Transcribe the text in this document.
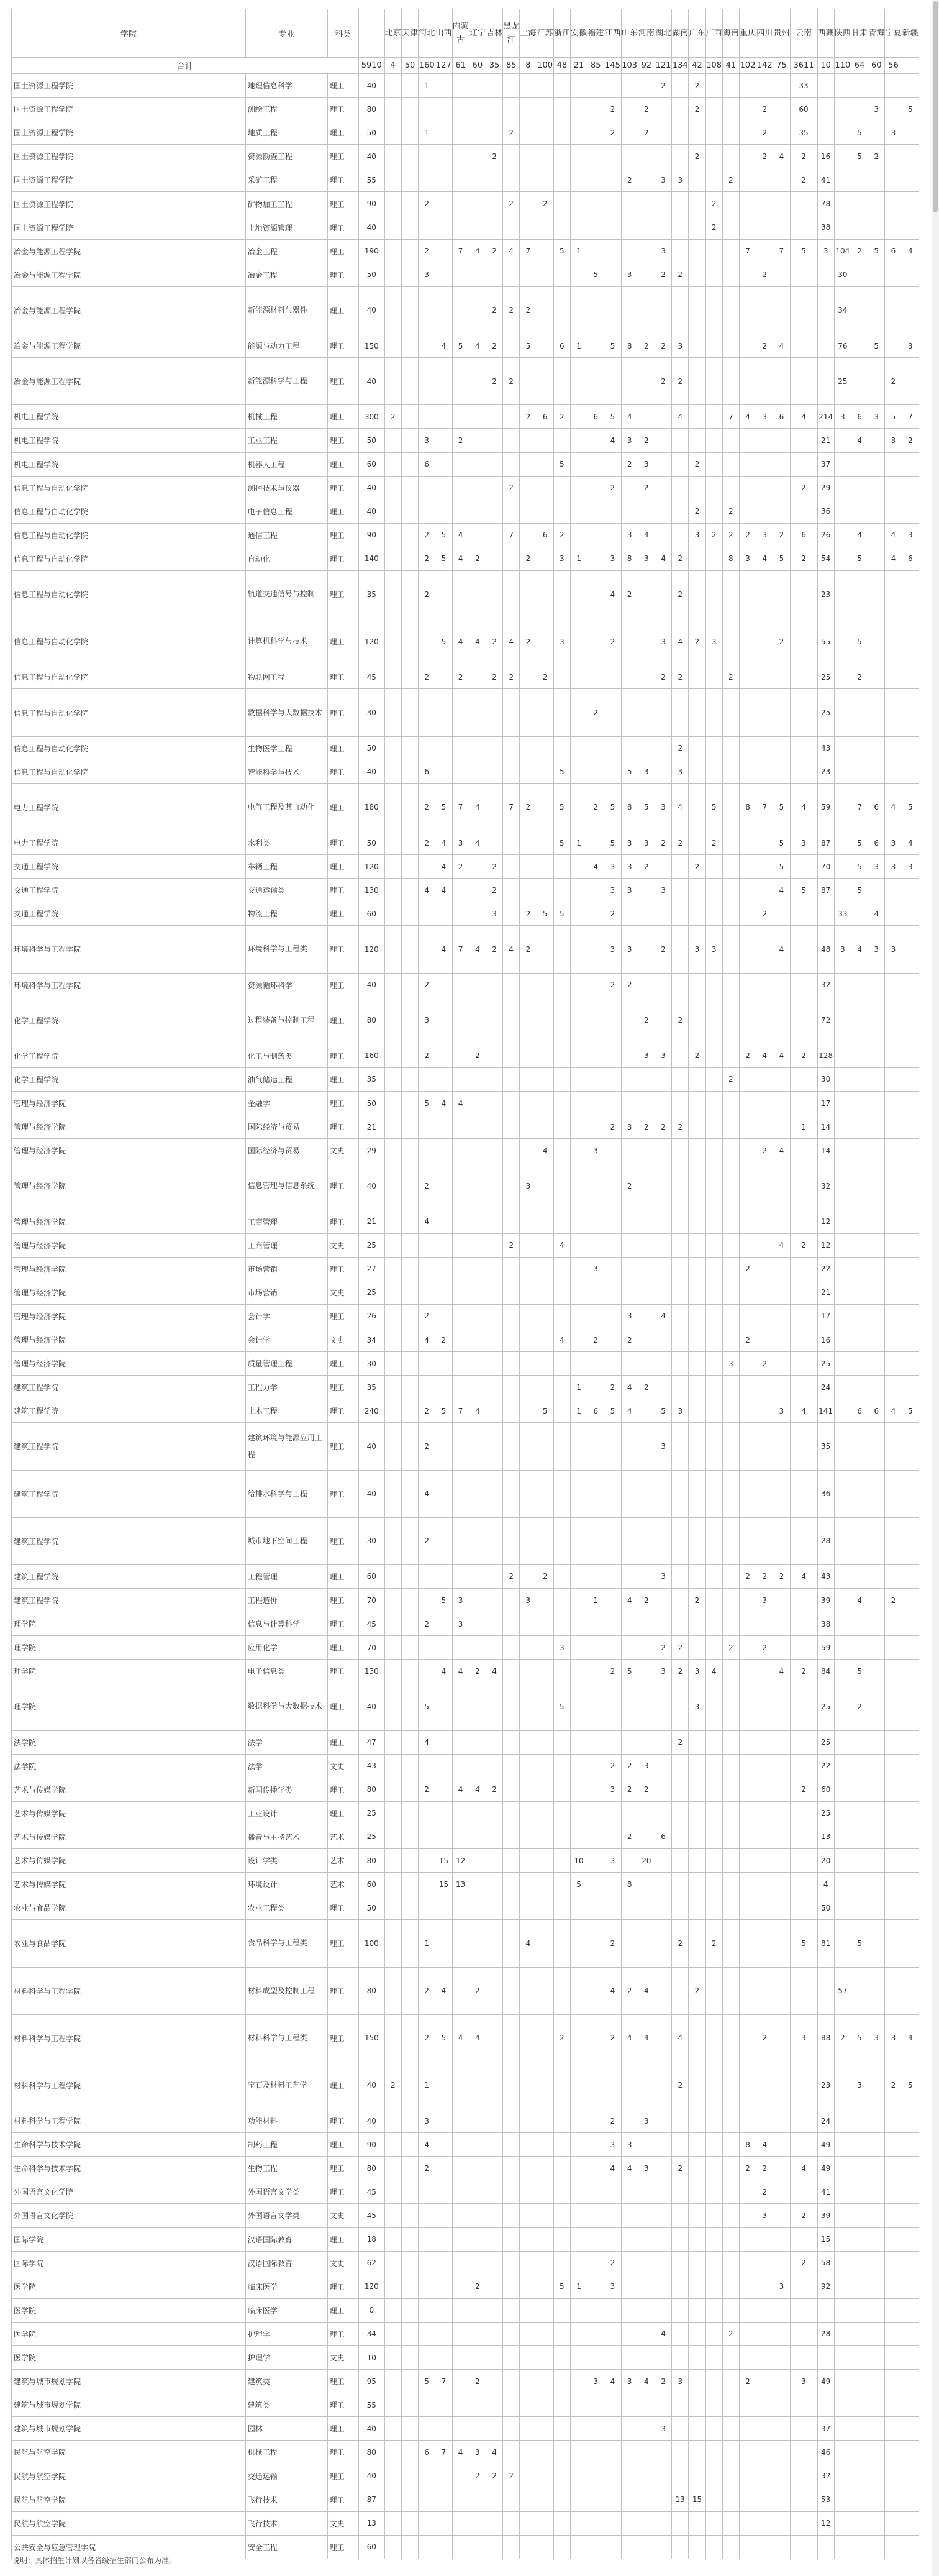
学院	专业	科类		北京	天津	河北	山西	内蒙古	辽宁	吉林	黑龙江	上海	江苏	浙江	安徽	福建	江西	山东	河南	湖北	湖南	广东	广西	海南	重庆	四川	贵州	云南	西藏	陕西	甘肃	青海	宁夏	新疆
合计			5910	4	50	160	127	61	60	35	85	8	100	48	21	85	145	103	92	121	134	42	108	41	102	142	75	3611	10	110	64	60	56	
国土资源工程学院	地理信息科学	理工	40			1														2		2						33						
国土资源工程学院	测绘工程	理工	80														2		2			2				2		60				3		5
国土资源工程学院	地质工程	理工	50			1					2						2		2							2		35			5		3	
国土资源工程学院	资源勘查工程	理工	40							2												2				2	4	2	16		5	2		
国土资源工程学院	采矿工程	理工	55															2		3	3			2				2	41					
国土资源工程学院	矿物加工工程	理工	90			2					2		2										2						78					
国土资源工程学院	土地资源管理	理工	40																				2						38					
冶金与能源工程学院	冶金工程	理工	190			2		7	4	2	4	7		5	1					3					7		7	5	3	104	2	5	6	4
冶金与能源工程学院	冶金工程	理工	50			3										5		3		2	2					2				30				
冶金与能源工程学院	新能源材料与器件	理工	40							2	2	2																		34				
冶金与能源工程学院	能源与动力工程	理工	150				4	5	4	2		5		6	1		5	8	2	2	3					2	4			76		5		3
冶金与能源工程学院	新能源科学与工程	理工	40							2	2									2	2									25			2	
机电工程学院	机械工程	理工	300	2								2	6	2		6	5	4			4			7	4	3	6	4	214	3	6	3	5	7
机电工程学院	工业工程	理工	50			3		2									4	3	2										21		4		3	2
机电工程学院	机器人工程	理工	60			6								5				2	3			2							37					
信息工程与自动化学院	测控技术与仪器	理工	40								2						2		2									2	29					
信息工程与自动化学院	电子信息工程	理工	40																			2		2					36					
信息工程与自动化学院	通信工程	理工	90			2	5	4			7		6	2				3	4			3	2	2	2	3	2	6	26		4		4	3
信息工程与自动化学院	自动化	理工	140			2	5	4	2			2		3	1		3	8	3	4	2			8	3	4	5	2	54		5		4	6
信息工程与自动化学院	轨道交通信号与控制	理工	35			2											4	2			2								23					
信息工程与自动化学院	计算机科学与技术	理工	120				5	4	4	2	4	2		3			2			3	4	2	3				2		55		5			
信息工程与自动化学院	物联网工程	理工	45			2		2		2	2		2							2	2			2					25		2			
信息工程与自动化学院	数据科学与大数据技术	理工	30													2													25					
信息工程与自动化学院	生物医学工程	理工	50																		2								43					
信息工程与自动化学院	智能科学与技术	理工	40			6								5				5	3		3								23					
电力工程学院	电气工程及其自动化	理工	180			2	5	7	4		7	2		5		2	5	8	5	3	4		5		8	7	5	4	59		7	6	4	5
电力工程学院	水利类	理工	50			2	4	3	4					5	1		5	3	3	2	2		2				5	3	87		5	6	3	4
交通工程学院	车辆工程	理工	120				4	2		2						4	3	3	2			2					5		70		5	3	3	3
交通工程学院	交通运输类	理工	130			4	4			2							3	3		3							4	5	87		5			
交通工程学院	物流工程	理工	60							3		2	5	5			2									2				33		4		
环境科学与工程学院	环境科学与工程类	理工	120				4	7	4	2	4	2					3	3		2		3	3				4		48	3	4	3	3	
环境科学与工程学院	资源循环科学	理工	40			2											2	2											32					
化学工程学院	过程装备与控制工程	理工	80			3													2		2								72					
化学工程学院	化工与制药类	理工	160			2			2										3	3		2			2	4	4	2	128					
化学工程学院	油气储运工程	理工	35																					2					30					
管理与经济学院	金融学	理工	50			5	4	4																					17					
管理与经济学院	国际经济与贸易	理工	21														2	3	2	2	2							1	14					
管理与经济学院	国际经济与贸易	文史	29										4			3										2	4		14					
管理与经济学院	信息管理与信息系统	理工	40			2						3						2											32					
管理与经济学院	工商管理	理工	21			4																							12					
管理与经济学院	工商管理	文史	25								2			4													4	2	12					
管理与经济学院	市场营销	理工	27													3									2				22					
管理与经济学院	市场营销	文史	25																										21					
管理与经济学院	会计学	理工	26			2												3		4									17					
管理与经济学院	会计学	文史	34			4	2							4		2		2							2				16					
管理与经济学院	质量管理工程	理工	30																					3		2			25					
建筑工程学院	工程力学	理工	35												1		2	4	2										24					
建筑工程学院	土木工程	理工	240			2	5	7	4				5		1	6	5	4		5	3						3	4	141		6	6	4	5
建筑工程学院	建筑环境与能源应用工程	理工	40			2														3									35					
建筑工程学院	给排水科学与工程	理工	40			4																							36					
建筑工程学院	城市地下空间工程	理工	30			2																							28					
建筑工程学院	工程管理	理工	60								2		2							3					2	2	2	4	43					
建筑工程学院	工程造价	理工	70				5	3				3				1		4	2			2				3			39		4		2	
理学院	信息与计算科学	理工	45			2		3																					38					
理学院	应用化学	理工	70											3						2	2			2		2			59					
理学院	电子信息类	理工	130				4	4	2	4							2	5		3	2	3	4				4	2	84		5			
理学院	数据科学与大数据技术	理工	40			5								5								3							25		2			
法学院	法学	理工	47			4															2								25					
法学院	法学	文史	43														2	2	3										22					
艺术与传媒学院	新闻传播学类	理工	80			2		4	4	2							3	2	2									2	60					
艺术与传媒学院	工业设计	理工	25																										25					
艺术与传媒学院	播音与主持艺术	艺术	25															2		6									13					
艺术与传媒学院	设计学类	艺术	80				15	12							10		3		20										20					
艺术与传媒学院	环境设计	艺术	60				15	13							5			8											4					
农业与食品学院	农业工程类	理工	50																										50					
农业与食品学院	食品科学与工程类	理工	100			1						4					2				2		2					5	81		5			
材料科学与工程学院	材料成型及控制工程	理工	80			2	4		2								4	2	4			2								57				
材料科学与工程学院	材料科学与工程类	理工	150			2	5	4	4					2			2	4	4		4					2		3	88	2	5	3	3	4
材料科学与工程学院	宝石及材料工艺学	理工	40	2		1															2								23		3		2	5
材料科学与工程学院	功能材料	理工	40			3											2		3										24					
生命科学与技术学院	制药工程	理工	90			4											3	3							8	4			49					
生命科学与技术学院	生物工程	理工	80			2											4	4	3		2				2	2		4	49					
外国语言文化学院	外国语言文学类	理工	45																							2			41					
外国语言文化学院	外国语言文学类	文史	45																							3		2	39					
国际学院	汉语国际教育	理工	18																										15					
国际学院	汉语国际教育	文史	62														2											2	58					
医学院	临床医学	理工	120						2					5	1		3										3		92					
医学院	临床医学	理工	0																															
医学院	护理学	理工	34																	4				2					28					
医学院	护理学	文史	10																															
建筑与城市规划学院	建筑类	理工	95			5	7		2							3	4	3	4	2	3				2			3	49					
建筑与城市规划学院	建筑类	理工	55																															
建筑与城市规划学院	园林	理工	40																	3									37					
民航与航空学院	机械工程	理工	80			6	7	4	3	4																			46					
民航与航空学院	交通运输	理工	40						2	2	2																		32					
民航与航空学院	飞行技术	理工	87																		13	15							53					
民航与航空学院	飞行技术	文史	13																										12					
公共安全与应急管理学院	安全工程	理工	60																															
说明：具体招生计划以各省级招生部门公布为准。
